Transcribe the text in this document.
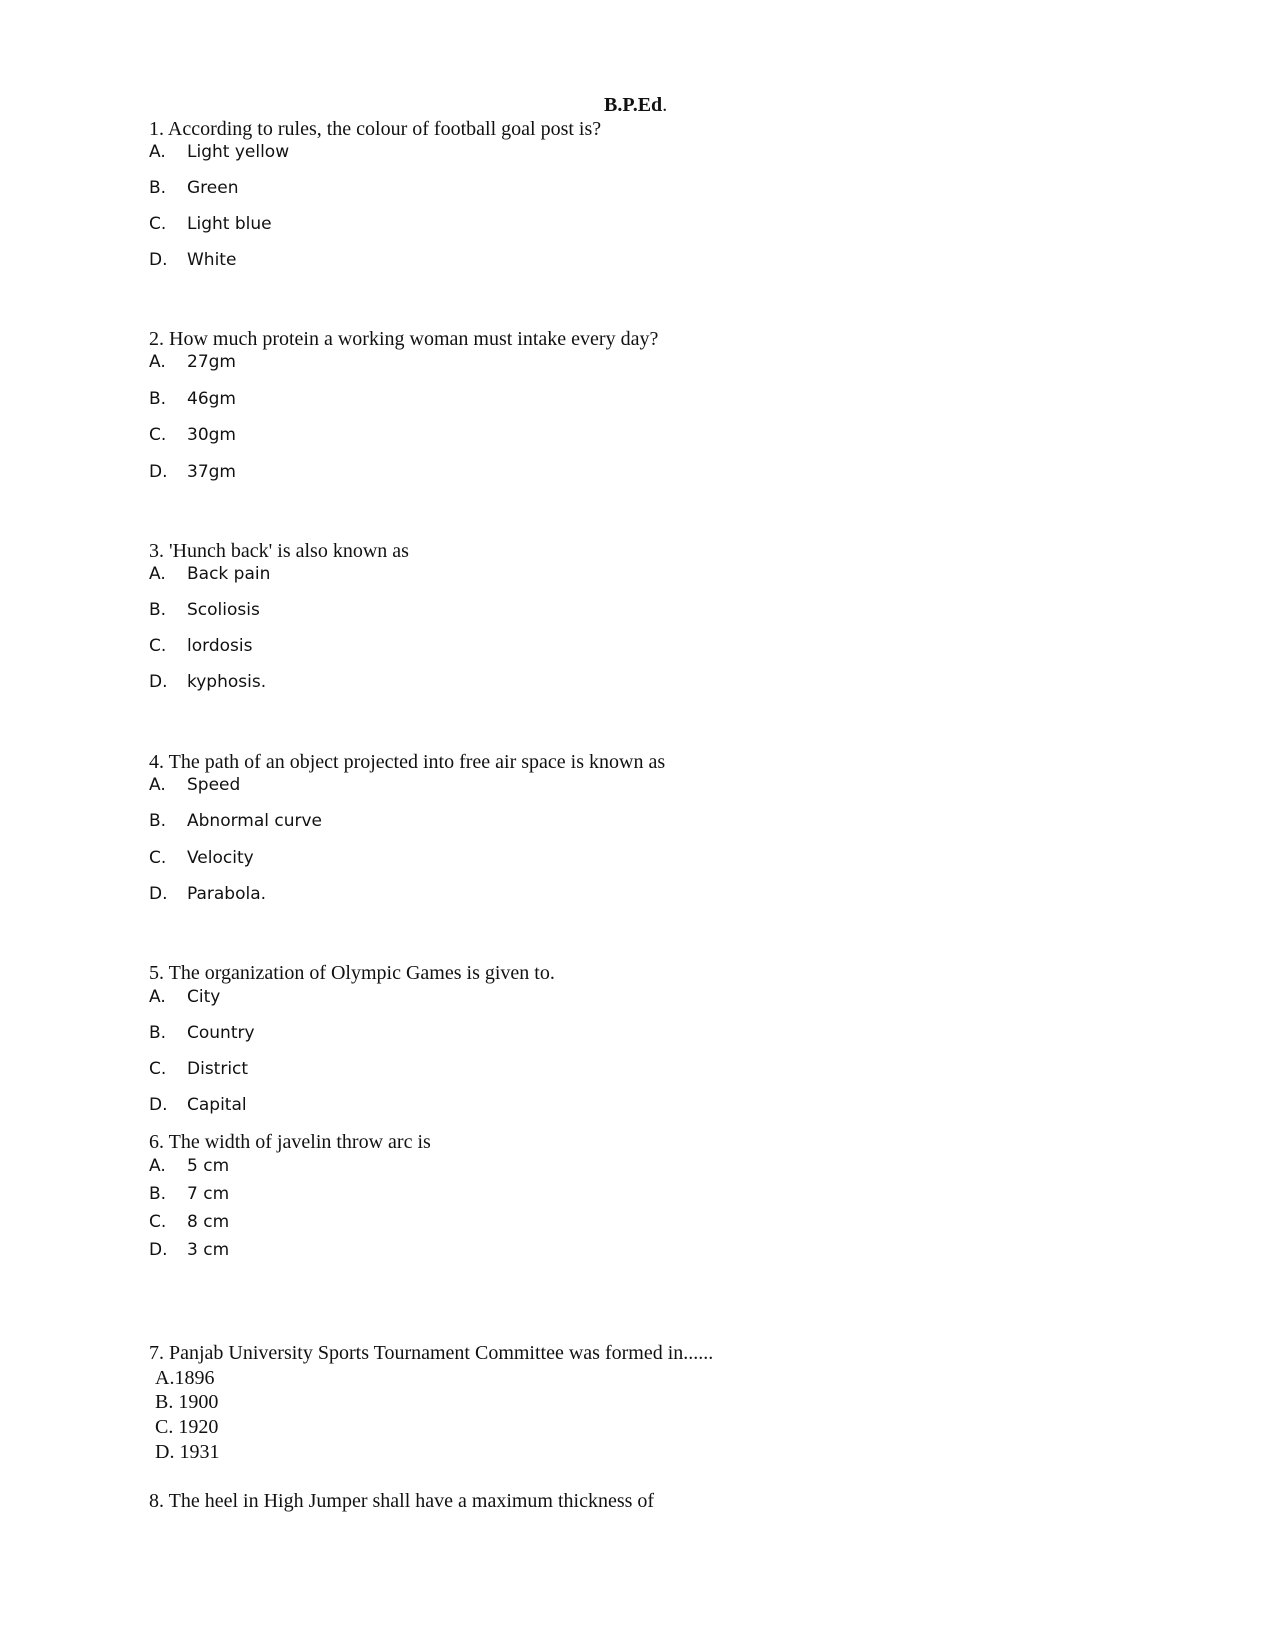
B.P.Ed.
1. According to rules, the colour of football goal post is?
A. Light yellow
B. Green
C. Light blue
D. White
2. How much protein a working woman must intake every day?
A. 27gm
B. 46gm
C. 30gm
D. 37gm
3. 'Hunch back' is also known as
A. Back pain
B. Scoliosis
C. lordosis
D. kyphosis.
4. The path of an object projected into free air space is known as
A. Speed
B. Abnormal curve
C. Velocity
D. Parabola.
5. The organization of Olympic Games is given to.
A. City
B. Country
C. District
D. Capital
6. The width of javelin throw arc is
A. 5 cm
B. 7 cm
C. 8 cm
D. 3 cm
7. Panjab University Sports Tournament Committee was formed in......
A.1896
B. 1900
C. 1920
D. 1931
8. The heel in High Jumper shall have a maximum thickness of
